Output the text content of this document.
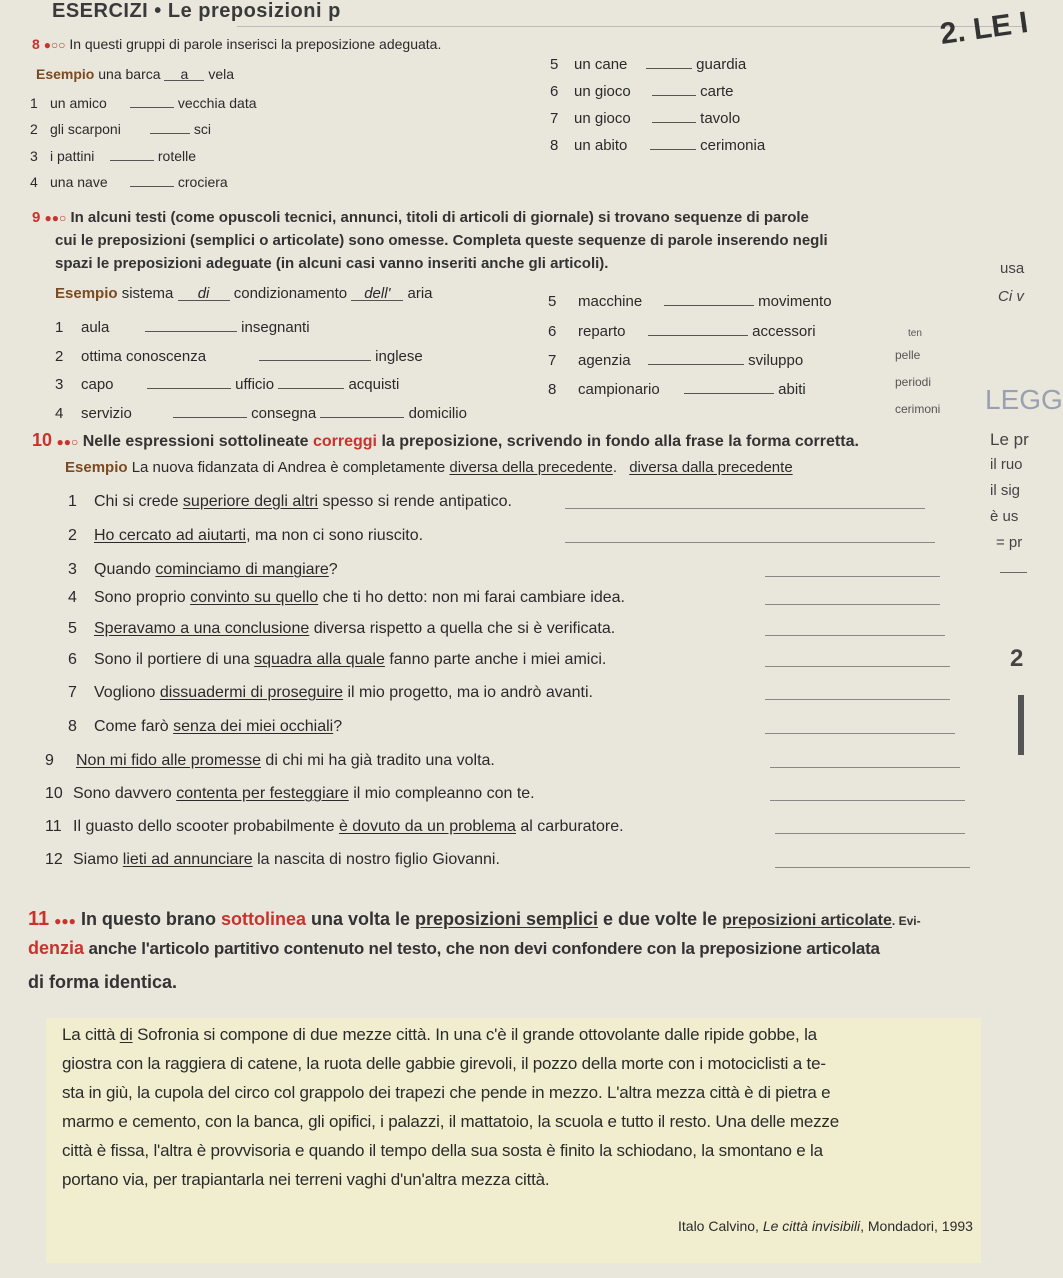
ESERCIZI • Le preposizioni p	2. LE I
usa
Ci v
LEGG
Le pr
il ruo
il sig
è us
= pr
2
ten
pelle
periodi
cerimoni
8 ●○○ In questi gruppi di parole inserisci la preposizione adeguata.
Esempio una barca a vela
1 un amico	vecchia data
2 gli scarponi	sci
3 i pattini	rotelle
4 una nave	crociera
5 un cane	guardia
6 un gioco	carte
7 un gioco	tavolo
8 un abito	cerimonia
9 ●●○ In alcuni testi (come opuscoli tecnici, annunci, titoli di articoli di giornale) si trovano sequenze di parole
cui le preposizioni (semplici o articolate) sono omesse. Completa queste sequenze di parole inserendo negli
spazi le preposizioni adeguate (in alcuni casi vanno inseriti anche gli articoli).
Esempio sistema di condizionamento dell' aria
1 aula	insegnanti
2 ottima conoscenza	inglese
3 capo	ufficio	acquisti
4 servizio	consegna	domicilio
5 macchine	movimento
6 reparto	accessori
7 agenzia	sviluppo
8 campionario	abiti
10 ●●○ Nelle espressioni sottolineate correggi la preposizione, scrivendo in fondo alla frase la forma corretta.
Esempio La nuova fidanzata di Andrea è completamente diversa della precedente. diversa dalla precedente
1 Chi si crede superiore degli altri spesso si rende antipatico.
2 Ho cercato ad aiutarti, ma non ci sono riuscito.
3 Quando cominciamo di mangiare?
4 Sono proprio convinto su quello che ti ho detto: non mi farai cambiare idea.
5 Speravamo a una conclusione diversa rispetto a quella che si è verificata.
6 Sono il portiere di una squadra alla quale fanno parte anche i miei amici.
7 Vogliono dissuadermi di proseguire il mio progetto, ma io andrò avanti.
8 Come farò senza dei miei occhiali?
9 Non mi fido alle promesse di chi mi ha già tradito una volta.
10 Sono davvero contenta per festeggiare il mio compleanno con te.
11 Il guasto dello scooter probabilmente è dovuto da un problema al carburatore.
12 Siamo lieti ad annunciare la nascita di nostro figlio Giovanni.
11 ●●● In questo brano sottolinea una volta le preposizioni semplici e due volte le preposizioni articolate. Evi-
denzia anche l'articolo partitivo contenuto nel testo, che non devi confondere con la preposizione articolata
di forma identica.

La città di Sofronia si compone di due mezze città. In una c'è il grande ottovolante dalle ripide gobbe, la

giostra con la raggiera di catene, la ruota delle gabbie girevoli, il pozzo della morte con i motociclisti a te-

sta in giù, la cupola del circo col grappolo dei trapezi che pende in mezzo. L'altra mezza città è di pietra e

marmo e cemento, con la banca, gli opifici, i palazzi, il mattatoio, la scuola e tutto il resto. Una delle mezze

città è fissa, l'altra è provvisoria e quando il tempo della sua sosta è finito la schiodano, la smontano e la

portano via, per trapiantarla nei terreni vaghi d'un'altra mezza città.

Italo Calvino, Le città invisibili, Mondadori, 1993
